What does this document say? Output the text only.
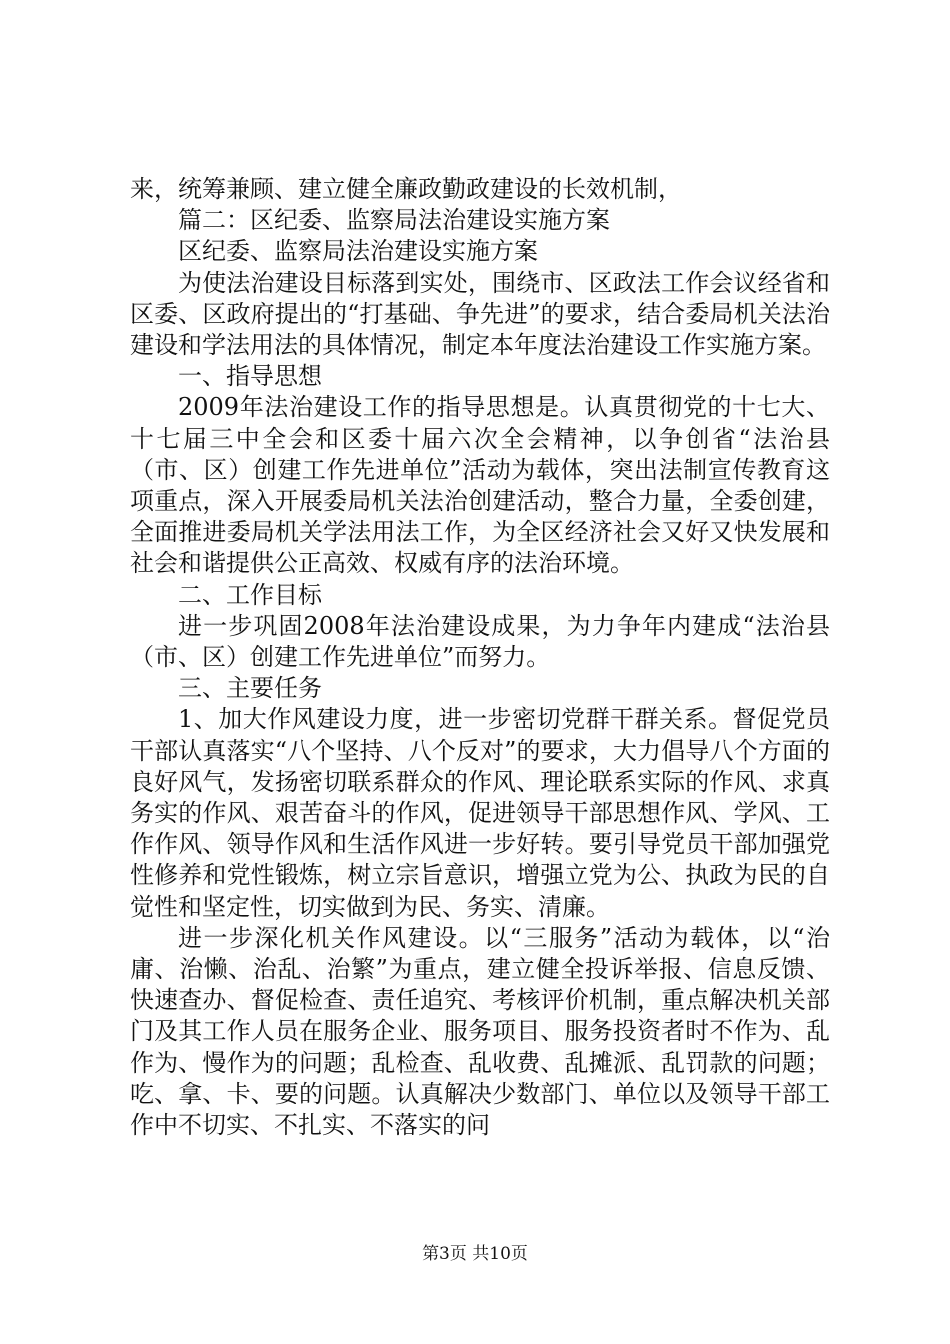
来，统筹兼顾、建立健全廉政勤政建设的长效机制，

篇二：区纪委、监察局法治建设实施方案

区纪委、监察局法治建设实施方案

为使法治建设目标落到实处，围绕市、区政法工作会议经省和区委、区政府提出的“打基础、争先进”的要求，结合委局机关法治建设和学法用法的具体情况，制定本年度法治建设工作实施方案。

一、指导思想

2009年法治建设工作的指导思想是。认真贯彻党的十七大、十七届三中全会和区委十届六次全会精神，以争创省“法治县（市、区）创建工作先进单位”活动为载体，突出法制宣传教育这项重点，深入开展委局机关法治创建活动，整合力量，全委创建，全面推进委局机关学法用法工作，为全区经济社会又好又快发展和社会和谐提供公正高效、权威有序的法治环境。

二、工作目标

进一步巩固2008年法治建设成果，为力争年内建成“法治县（市、区）创建工作先进单位”而努力。

三、主要任务

1、加大作风建设力度，进一步密切党群干群关系。督促党员干部认真落实“八个坚持、八个反对”的要求，大力倡导八个方面的良好风气，发扬密切联系群众的作风、理论联系实际的作风、求真务实的作风、艰苦奋斗的作风，促进领导干部思想作风、学风、工作作风、领导作风和生活作风进一步好转。要引导党员干部加强党性修养和党性锻炼，树立宗旨意识，增强立党为公、执政为民的自觉性和坚定性，切实做到为民、务实、清廉。

进一步深化机关作风建设。以“三服务”活动为载体，以“治庸、治懒、治乱、治繁”为重点，建立健全投诉举报、信息反馈、快速查办、督促检查、责任追究、考核评价机制，重点解决机关部门及其工作人员在服务企业、服务项目、服务投资者时不作为、乱作为、慢作为的问题；乱检查、乱收费、乱摊派、乱罚款的问题；吃、拿、卡、要的问题。认真解决少数部门、单位以及领导干部工作中不切实、不扎实、不落实的问

第3页 共10页
